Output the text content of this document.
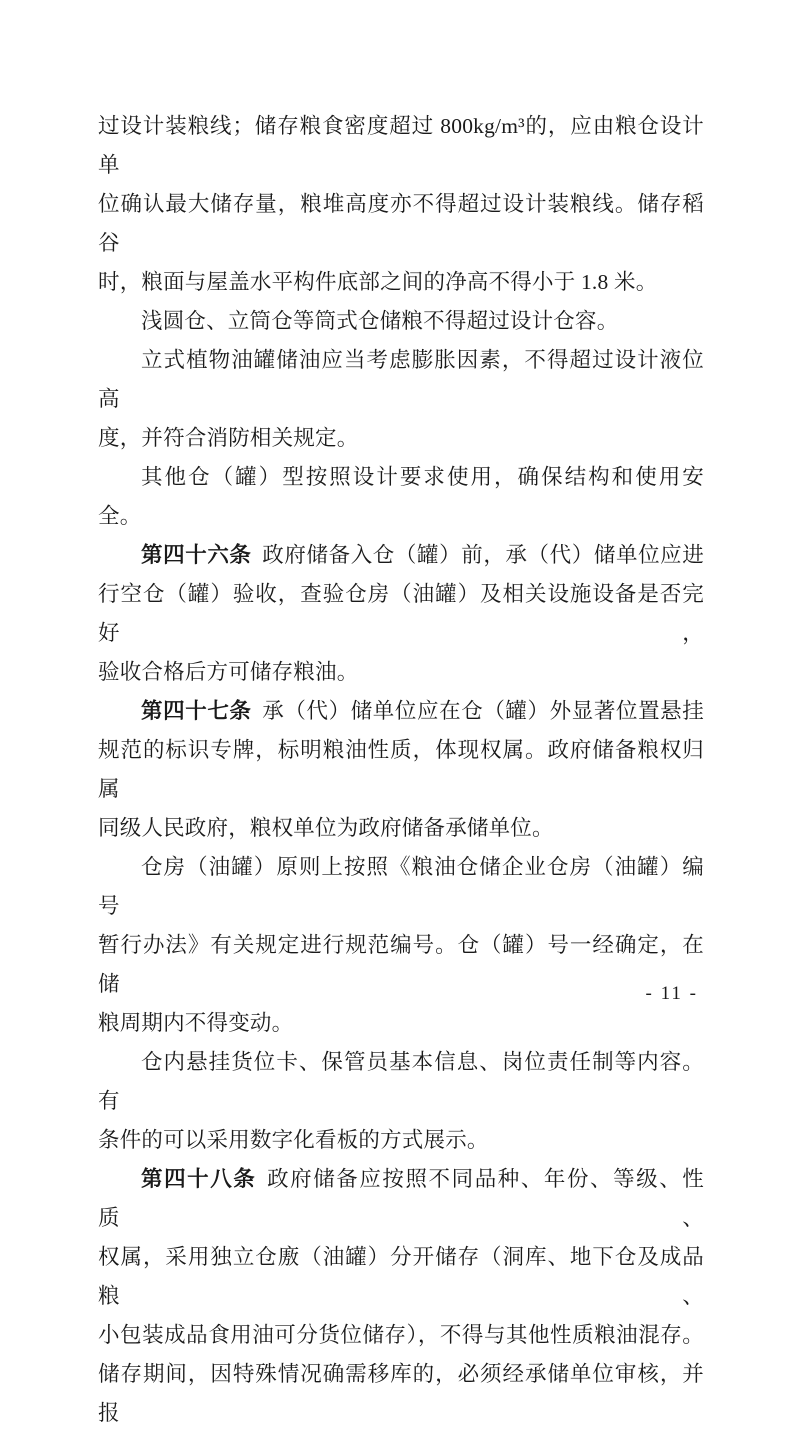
过设计装粮线；储存粮食密度超过 800kg/m³的，应由粮仓设计单
位确认最大储存量，粮堆高度亦不得超过设计装粮线。储存稻谷
时，粮面与屋盖水平构件底部之间的净高不得小于 1.8 米。
浅圆仓、立筒仓等筒式仓储粮不得超过设计仓容。
立式植物油罐储油应当考虑膨胀因素，不得超过设计液位高
度，并符合消防相关规定。
其他仓（罐）型按照设计要求使用，确保结构和使用安全。
第四十六条 政府储备入仓（罐）前，承（代）储单位应进
行空仓（罐）验收，查验仓房（油罐）及相关设施设备是否完好，
验收合格后方可储存粮油。
第四十七条 承（代）储单位应在仓（罐）外显著位置悬挂
规范的标识专牌，标明粮油性质，体现权属。政府储备粮权归属
同级人民政府，粮权单位为政府储备承储单位。
仓房（油罐）原则上按照《粮油仓储企业仓房（油罐）编号
暂行办法》有关规定进行规范编号。仓（罐）号一经确定，在储
粮周期内不得变动。
仓内悬挂货位卡、保管员基本信息、岗位责任制等内容。有
条件的可以采用数字化看板的方式展示。
第四十八条 政府储备应按照不同品种、年份、等级、性质、
权属，采用独立仓廒（油罐）分开储存（洞库、地下仓及成品粮、
小包装成品食用油可分货位储存），不得与其他性质粮油混存。
储存期间，因特殊情况确需移库的，必须经承储单位审核，并报
- 11 -
